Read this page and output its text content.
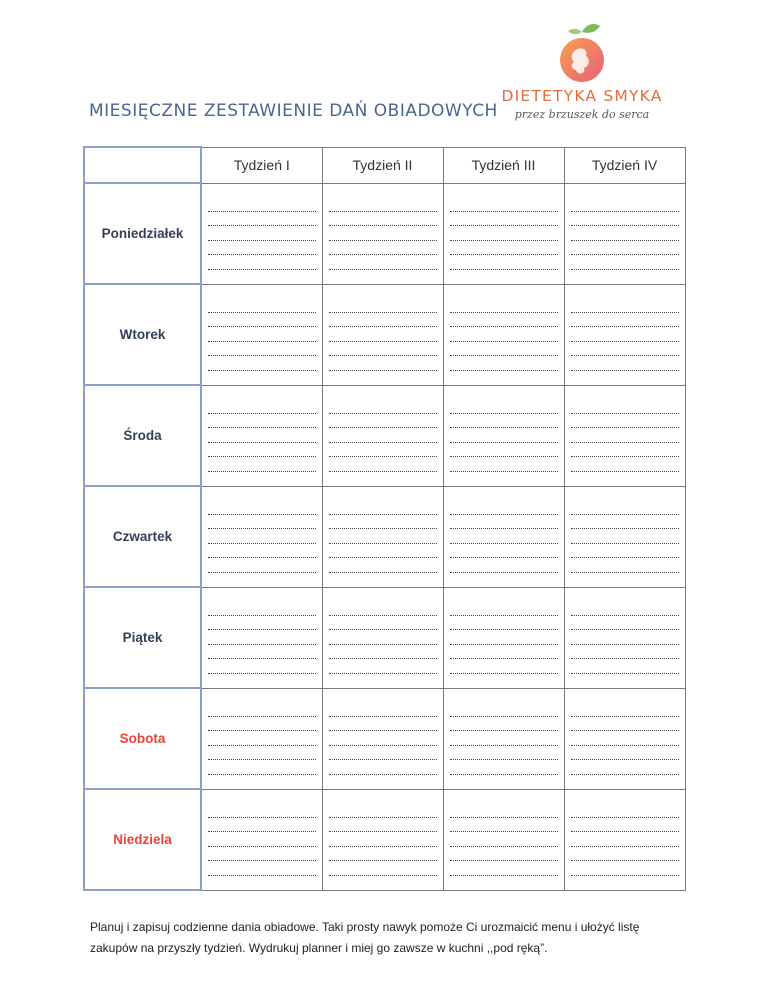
MIESIĘCZNE ZESTAWIENIE DAŃ OBIADOWYCH
DIETETYKA SMYKA
przez brzuszek do serca
	Tydzień I	Tydzień II	Tydzień III	Tydzień IV
Poniedziałek	

Wtorek	

Środa	

Czwartek	

Piątek	

Sobota	

Niedziela	

Planuj i zapisuj codzienne dania obiadowe. Taki prosty nawyk pomoże Ci urozmaicić menu i ułożyć listę zakupów na przyszły tydzień. Wydrukuj planner i miej go zawsze w kuchni ,,pod ręką”.
